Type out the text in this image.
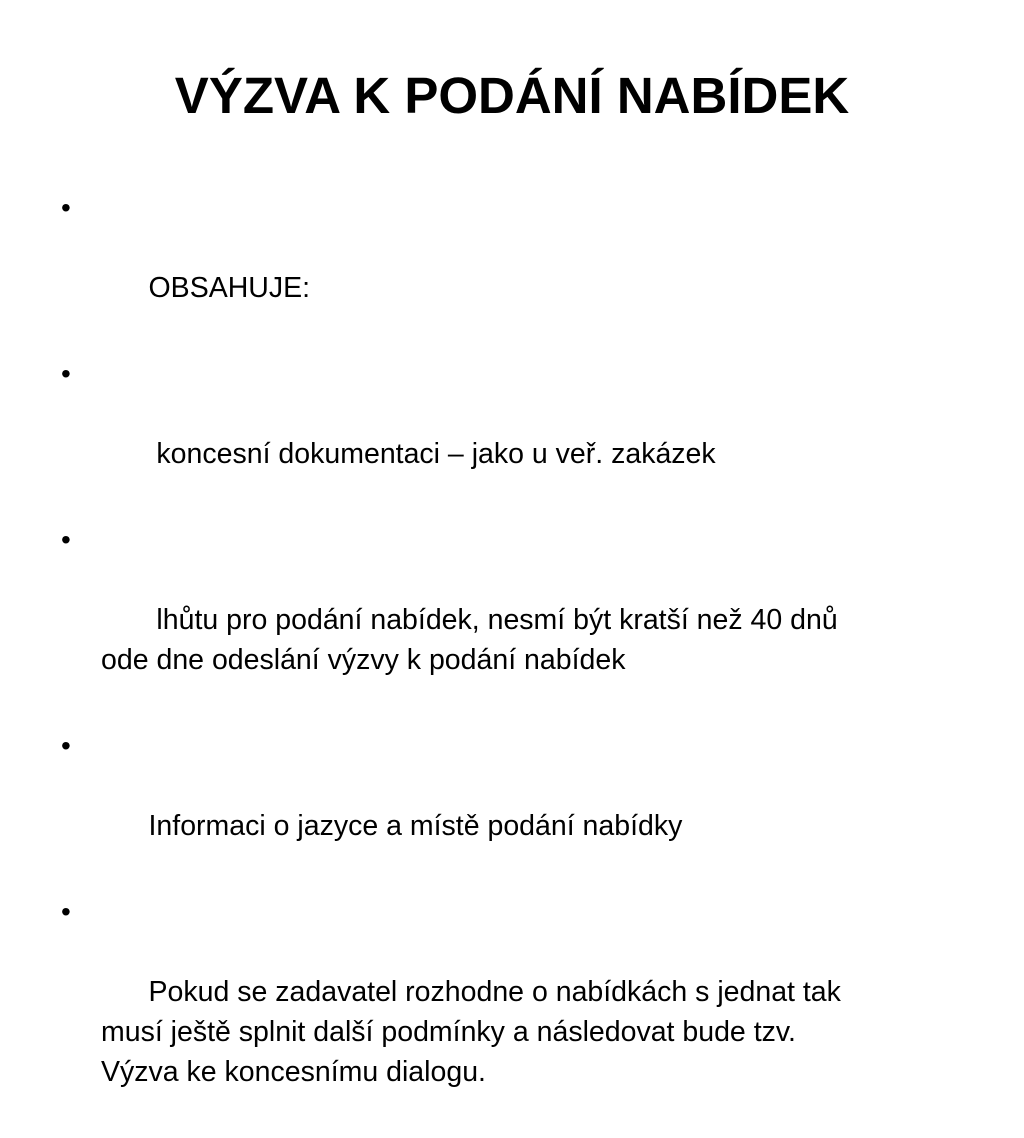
VÝZVA K PODÁNÍ NABÍDEK

•

OBSAHUJE:

•

koncesní dokumentaci – jako u veř. zakázek

•

lhůtu pro podání nabídek, nesmí být kratší než 40 dnů
ode dne odeslání výzvy k podání nabídek

•

Informaci o jazyce a místě podání nabídky

•

Pokud se zadavatel rozhodne o nabídkách s jednat tak
musí ještě splnit další podmínky a následovat bude tzv.
Výzva ke koncesnímu dialogu.
